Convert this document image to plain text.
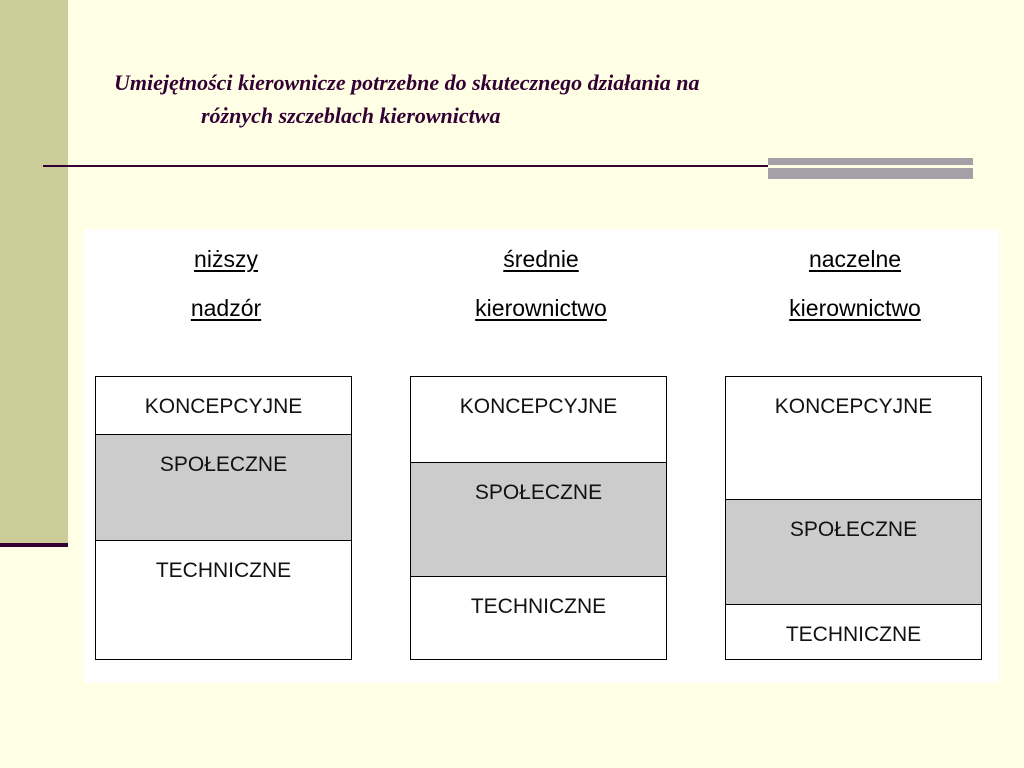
Umiejętności kierownicze potrzebne do skutecznego działania na
różnych szczeblach kierownictwa
niższy
nadzór
KONCEPCYJNE
SPOŁECZNE
TECHNICZNE
średnie
kierownictwo
KONCEPCYJNE
SPOŁECZNE
TECHNICZNE
naczelne
kierownictwo
KONCEPCYJNE
SPOŁECZNE
TECHNICZNE
